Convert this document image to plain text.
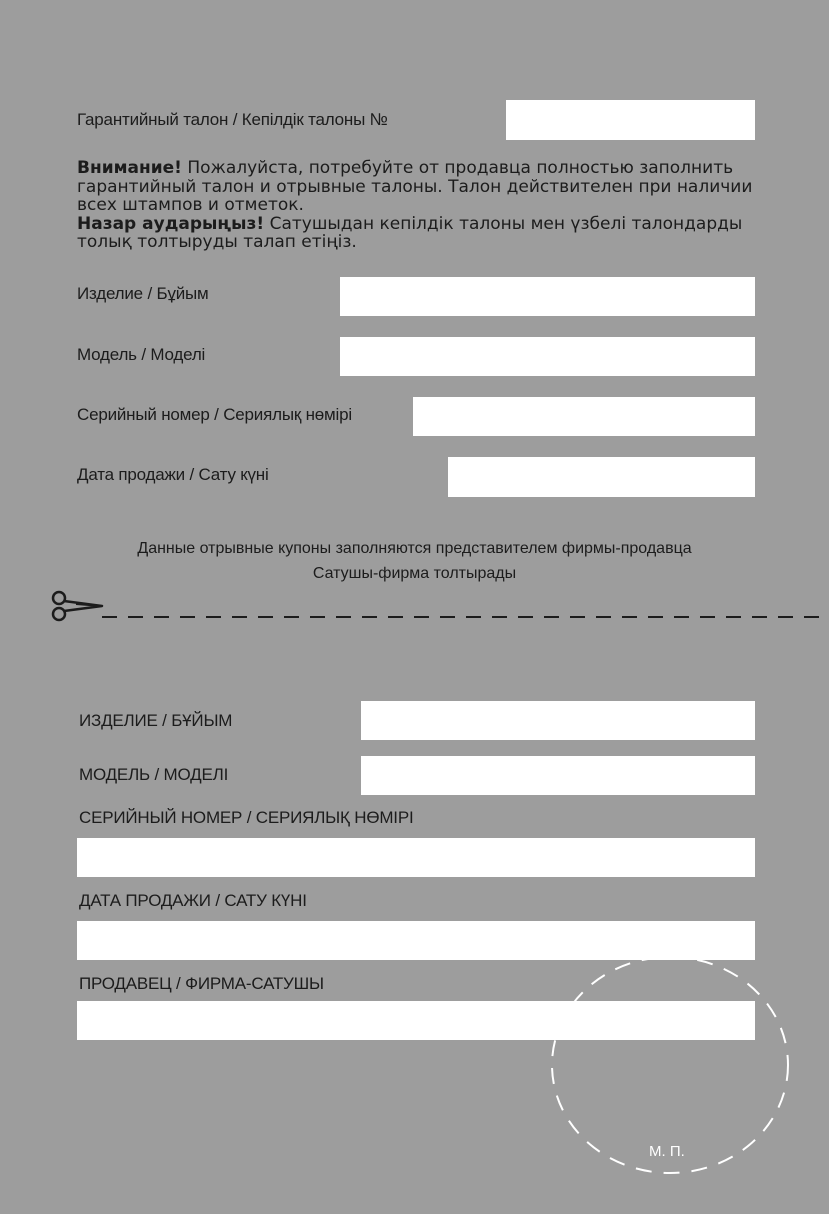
Гарантийный талон / Кепілдік талоны №
Внимание! Пожалуйста, потребуйте от продавца полностью заполнить гарантийный талон и отрывные талоны. Талон действителен при наличии всех штампов и отметок.
Назар аударыңыз! Сатушыдан кепілдік талоны мен үзбелі талондарды толық толтыруды талап етіңіз.
Изделие / Бұйым
Модель / Моделі
Серийный номер / Сериялық нөмірі
Дата продажи / Сату күні
Данные отрывные купоны заполняются представителем фирмы-продавца
Сатушы-фирма толтырады
ИЗДЕЛИЕ / БҰЙЫМ
МОДЕЛЬ / МОДЕЛІ
СЕРИЙНЫЙ НОМЕР / СЕРИЯЛЫҚ НӨМІРІ
ДАТА ПРОДАЖИ / САТУ КҮНІ
ПРОДАВЕЦ / ФИРМА-САТУШЫ
М. П.
